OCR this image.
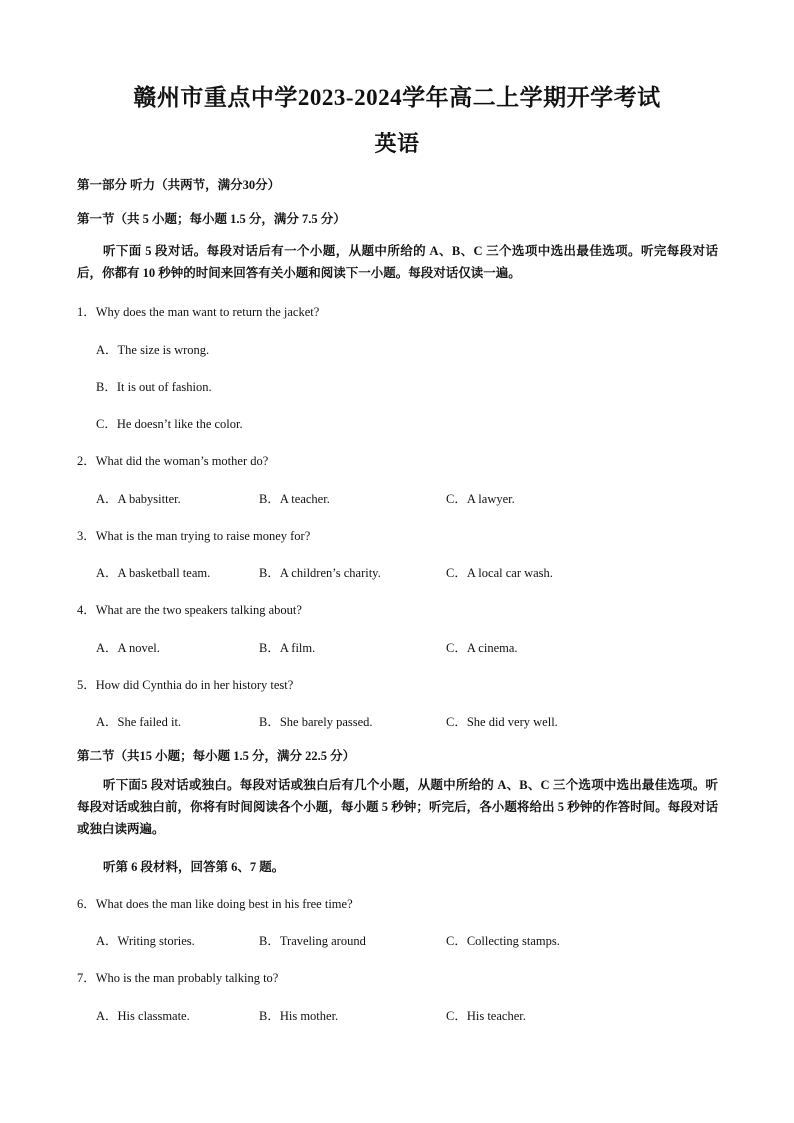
赣州市重点中学2023-2024学年高二上学期开学考试
英语
第一部分 听力（共两节，满分30分）
第一节（共 5 小题；每小题 1.5 分，满分 7.5 分）
听下面 5 段对话。每段对话后有一个小题，从题中所给的 A、B、C 三个选项中选出最佳选项。听完每段对话后，你都有 10 秒钟的时间来回答有关小题和阅读下一小题。每段对话仅读一遍。
1．Why does the man want to return the jacket?
A．The size is wrong.
B．It is out of fashion.
C．He doesn’t like the color.
2．What did the woman’s mother do?
A．A babysitter.	B．A teacher.	C．A lawyer.
3．What is the man trying to raise money for?
A．A basketball team.	B．A children’s charity.	C．A local car wash.
4．What are the two speakers talking about?
A．A novel.	B．A film.	C．A cinema.
5．How did Cynthia do in her history test?
A．She failed it.	B．She barely passed.	C．She did very well.
第二节（共15 小题；每小题 1.5 分，满分 22.5 分）
听下面5 段对话或独白。每段对话或独白后有几个小题，从题中所给的 A、B、C 三个选项中选出最佳选项。听每段对话或独白前，你将有时间阅读各个小题，每小题 5 秒钟；听完后，各小题将给出 5 秒钟的作答时间。每段对话或独白读两遍。
听第 6 段材料，回答第 6、7 题。
6．What does the man like doing best in his free time?
A．Writing stories.	B．Traveling around	C．Collecting stamps.
7．Who is the man probably talking to?
A．His classmate.	B．His mother.	C．His teacher.
